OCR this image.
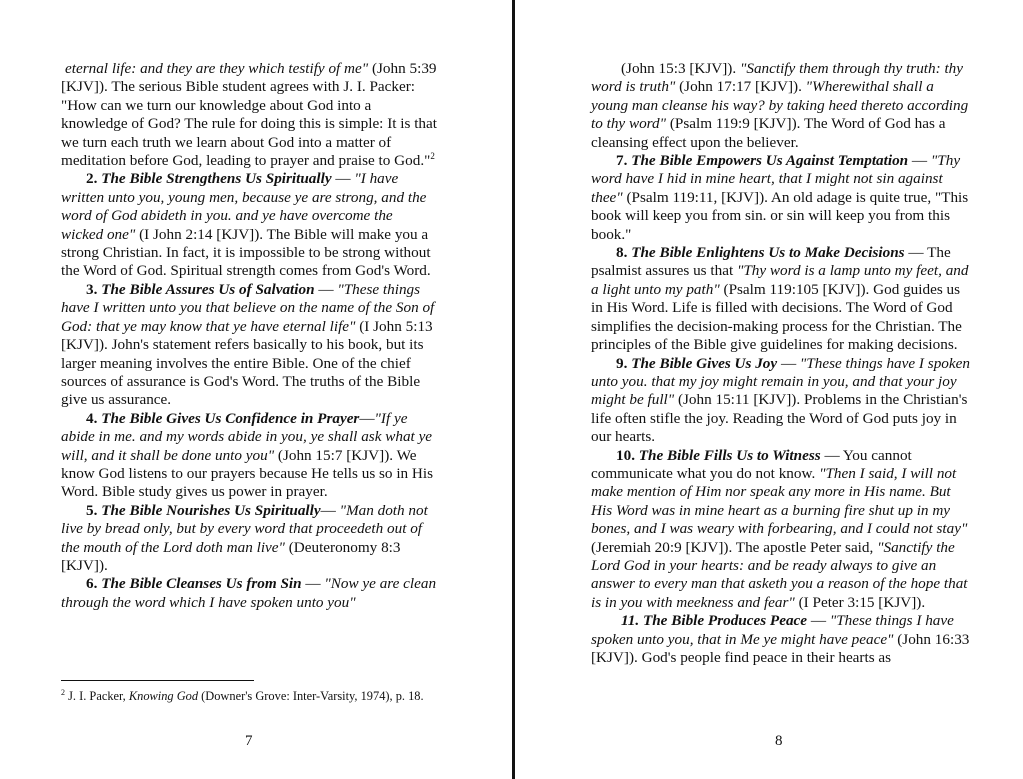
eternal life: and they are they which testify of me" (John 5:39 [KJV]). The serious Bible student agrees with J. I. Packer: "How can we turn our knowledge about God into a knowledge of God? The rule for doing this is simple: It is that we turn each truth we learn about God into a matter of meditation before God, leading to prayer and praise to God."$^2$

2. The Bible Strengthens Us Spiritually — "I have written unto you, young men, because ye are strong, and the word of God abideth in you. and ye have overcome the wicked one" (I John 2:14 [KJV]). The Bible will make you a strong Christian. In fact, it is impossible to be strong without the Word of God. Spiritual strength comes from God's Word.

3. The Bible Assures Us of Salvation — "These things have I written unto you that believe on the name of the Son of God: that ye may know that ye have eternal life" (I John 5:13 [KJV]). John's statement refers basically to his book, but its larger meaning involves the entire Bible. One of the chief sources of assurance is God's Word. The truths of the Bible give us assurance.

4. The Bible Gives Us Confidence in Prayer—"If ye abide in me. and my words abide in you, ye shall ask what ye will, and it shall be done unto you" (John 15:7 [KJV]). We know God listens to our prayers because He tells us so in His Word. Bible study gives us power in prayer.

5. The Bible Nourishes Us Spiritually— "Man doth not live by bread only, but by every word that proceedeth out of the mouth of the Lord doth man live" (Deuteronomy 8:3 [KJV]).

6. The Bible Cleanses Us from Sin — "Now ye are clean through the word which I have spoken unto you"

$^2$ J. I. Packer, Knowing God (Downer's Grove: Inter-Varsity, 1974), p. 18.

7

(John 15:3 [KJV]). "Sanctify them through thy truth: thy word is truth" (John 17:17 [KJV]). "Wherewithal shall a young man cleanse his way? by taking heed thereto according to thy word" (Psalm 119:9 [KJV]). The Word of God has a cleansing effect upon the believer.

7. The Bible Empowers Us Against Temptation — "Thy word have I hid in mine heart, that I might not sin against thee" (Psalm 119:11, [KJV]). An old adage is quite true, "This book will keep you from sin. or sin will keep you from this book."

8. The Bible Enlightens Us to Make Decisions — The psalmist assures us that "Thy word is a lamp unto my feet, and a light unto my path" (Psalm 119:105 [KJV]). God guides us in His Word. Life is filled with decisions. The Word of God simplifies the decision-making process for the Christian. The principles of the Bible give guidelines for making decisions.

9. The Bible Gives Us Joy — "These things have I spoken unto you. that my joy might remain in you, and that your joy might be full" (John 15:11 [KJV]). Problems in the Christian's life often stifle the joy. Reading the Word of God puts joy in our hearts.

10. The Bible Fills Us to Witness — You cannot communicate what you do not know. "Then I said, I will not make mention of Him nor speak any more in His name. But His Word was in mine heart as a burning fire shut up in my bones, and I was weary with forbearing, and I could not stay" (Jeremiah 20:9 [KJV]). The apostle Peter said, "Sanctify the Lord God in your hearts: and be ready always to give an answer to every man that asketh you a reason of the hope that is in you with meekness and fear" (I Peter 3:15 [KJV]).

11. The Bible Produces Peace — "These things I have spoken unto you, that in Me ye might have peace" (John 16:33 [KJV]). God's people find peace in their hearts as

8
